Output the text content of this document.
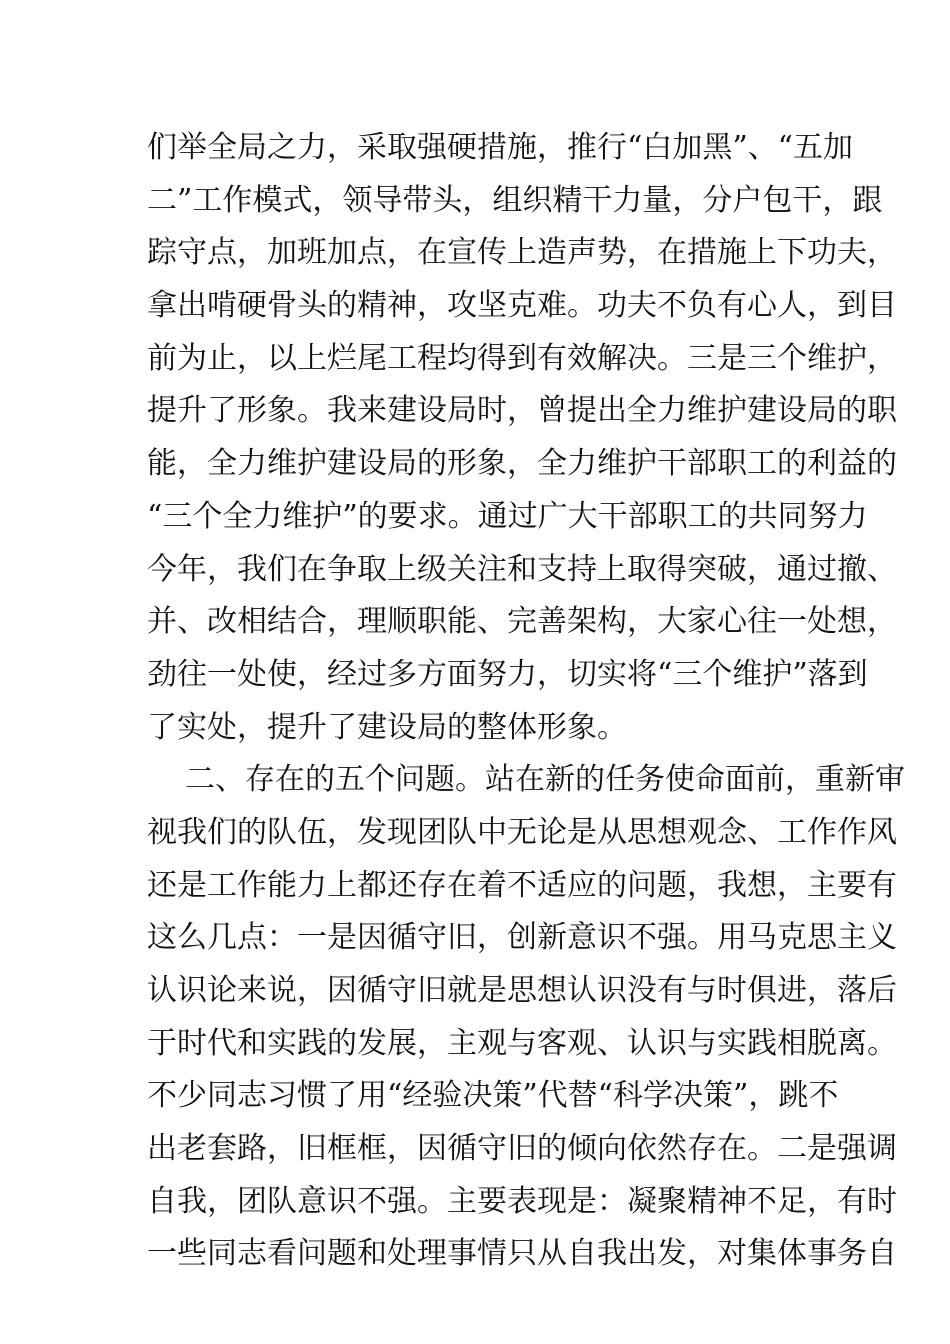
们举全局之力，采取强硬措施，推行“白加黑”、“五加
二”工作模式，领导带头，组织精干力量，分户包干，跟
踪守点，加班加点，在宣传上造声势，在措施上下功夫，
拿出啃硬骨头的精神，攻坚克难。功夫不负有心人，到目
前为止，以上烂尾工程均得到有效解决。三是三个维护，
提升了形象。我来建设局时，曾提出全力维护建设局的职
能，全力维护建设局的形象，全力维护干部职工的利益的
“三个全力维护”的要求。通过广大干部职工的共同努力
今年，我们在争取上级关注和支持上取得突破，通过撤、
并、改相结合，理顺职能、完善架构，大家心往一处想，
劲往一处使，经过多方面努力，切实将“三个维护”落到
了实处，提升了建设局的整体形象。
二、存在的五个问题。站在新的任务使命面前，重新审
视我们的队伍，发现团队中无论是从思想观念、工作作风
还是工作能力上都还存在着不适应的问题，我想，主要有
这么几点：一是因循守旧，创新意识不强。用马克思主义
认识论来说，因循守旧就是思想认识没有与时俱进，落后
于时代和实践的发展，主观与客观、认识与实践相脱离。
不少同志习惯了用“经验决策”代替“科学决策”，跳不
出老套路，旧框框，因循守旧的倾向依然存在。二是强调
自我，团队意识不强。主要表现是：凝聚精神不足，有时
一些同志看问题和处理事情只从自我出发，对集体事务自
